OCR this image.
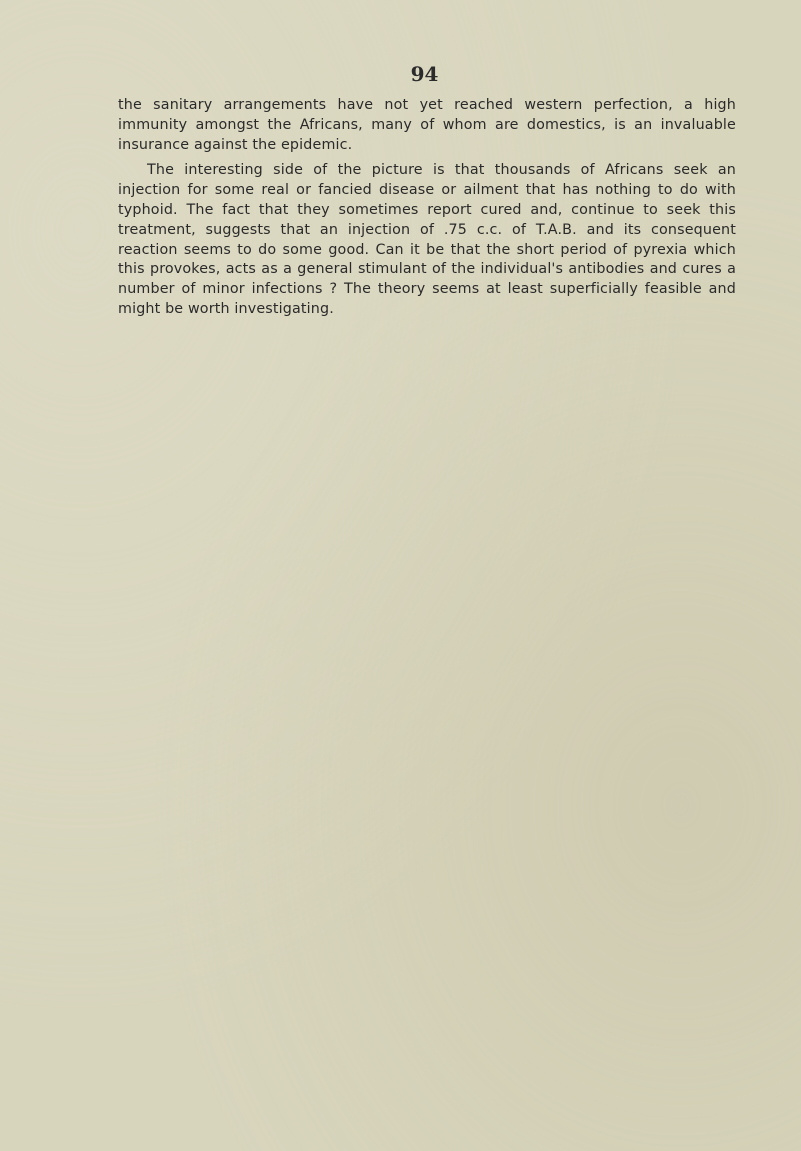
94

the sanitary arrangements have not yet reached western perfection, a high immunity amongst the Africans, many of whom are domestics, is an invaluable insurance against the epidemic.

The interesting side of the picture is that thousands of Africans seek an injection for some real or fancied disease or ailment that has nothing to do with typhoid. The fact that they sometimes report cured and, continue to seek this treatment, suggests that an injection of .75 c.c. of T.A.B. and its consequent reaction seems to do some good. Can it be that the short period of pyrexia which this provokes, acts as a general stimulant of the individual's antibodies and cures a number of minor infections ? The theory seems at least superficially feasible and might be worth investigating.
